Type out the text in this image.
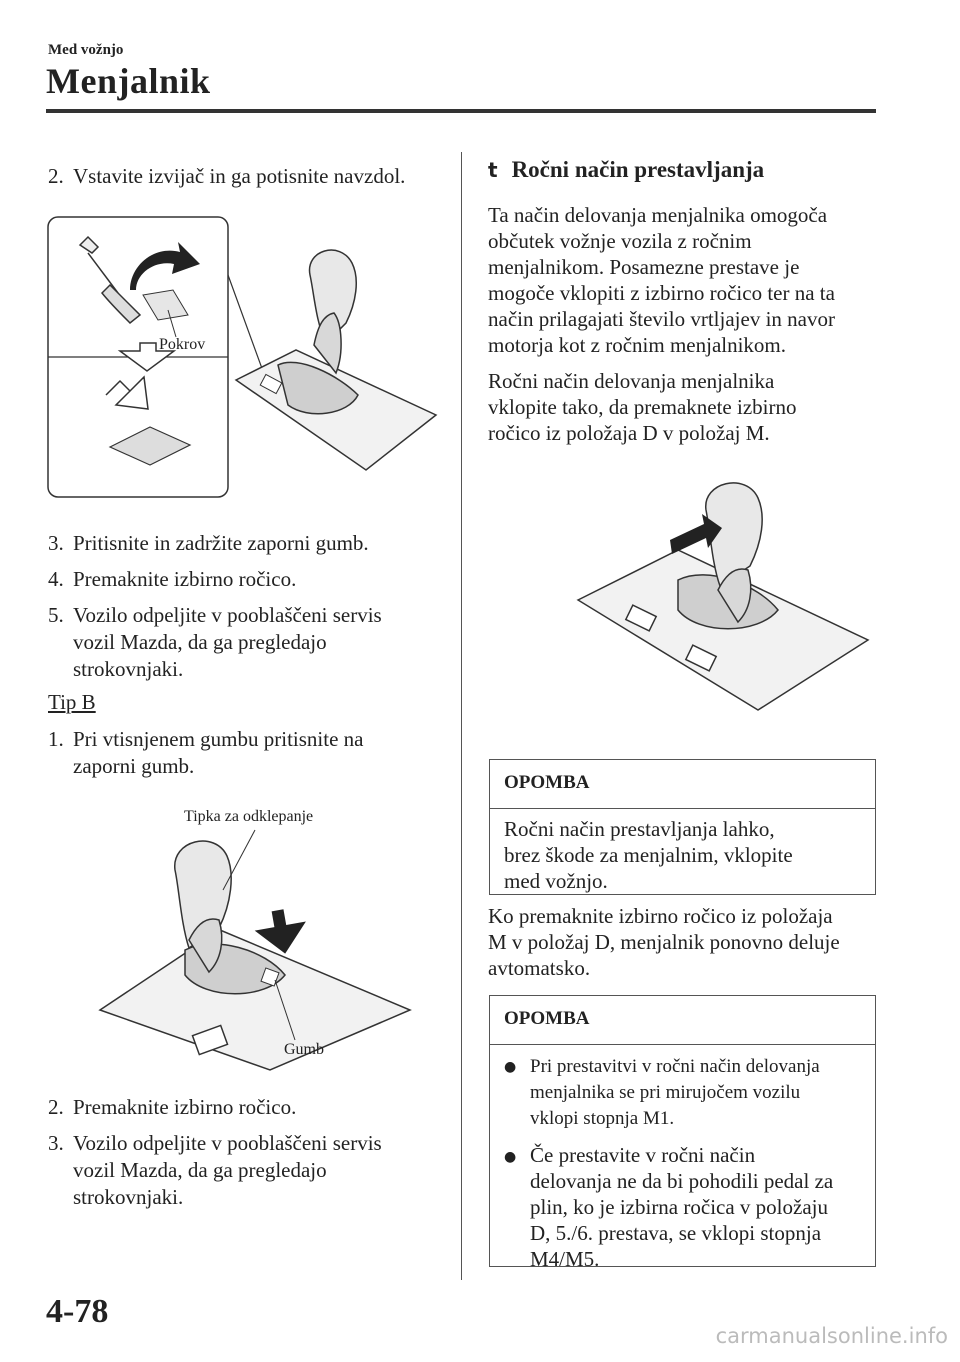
Med vožnjo
Menjalnik
2. Vstavite izvijač in ga potisnite navzdol.
Pokrov
3. Pritisnite in zadržite zaporni gumb.
4. Premaknite izbirno ročico.
5. Vozilo odpeljite v pooblaščeni servis
vozil Mazda, da ga pregledajo
strokovnjaki.
Tip B
1. Pri vtisnjenem gumbu pritisnite na
zaporni gumb.
Tipka za odklepanje
Gumb
2. Premaknite izbirno ročico.
3. Vozilo odpeljite v pooblaščeni servis
vozil Mazda, da ga pregledajo
strokovnjaki.
t Ročni način prestavljanja
Ta način delovanja menjalnika omogoča
občutek vožnje vozila z ročnim
menjalnikom. Posamezne prestave je
mogoče vklopiti z izbirno ročico ter na ta
način prilagajati število vrtljajev in navor
motorja kot z ročnim menjalnikom.
Ročni način delovanja menjalnika
vklopite tako, da premaknete izbirno
ročico iz položaja D v položaj M.
OPOMBA
Ročni način prestavljanja lahko,
brez škode za menjalnim, vklopite
med vožnjo.
Ko premaknite izbirno ročico iz položaja
M v položaj D, menjalnik ponovno deluje
avtomatsko.
OPOMBA
● Pri prestavitvi v ročni način delovanja
menjalnika se pri mirujočem vozilu
vklopi stopnja M1.
● Če prestavite v ročni način
delovanja ne da bi pohodili pedal za
plin, ko je izbirna ročica v položaju
D, 5./6. prestava, se vklopi stopnja
M4/M5.
4-78
carmanualsonline.info
